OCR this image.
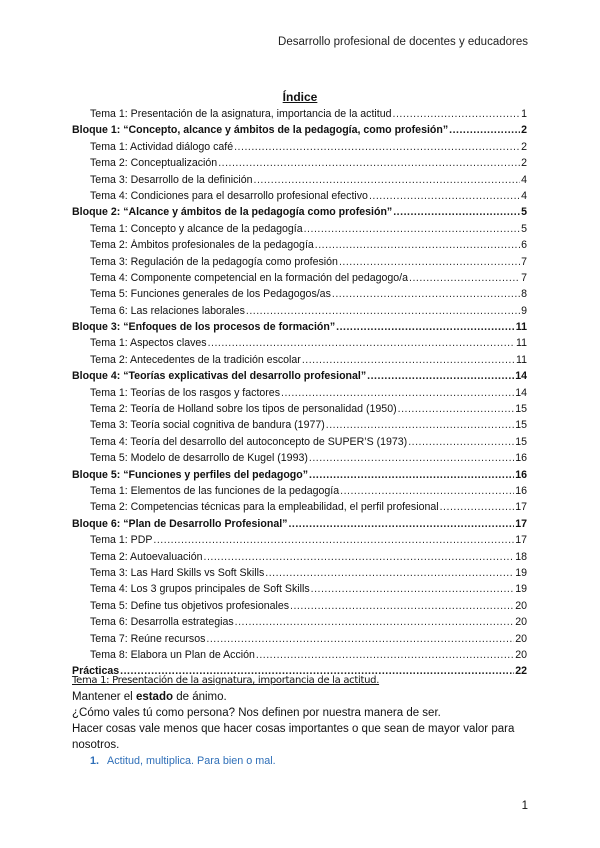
Desarrollo profesional de docentes y educadores
Índice
Tema 1: Presentación de la asignatura, importancia de la actitud .....	1
Bloque 1: “Concepto, alcance y ámbitos de la pedagogía, como profesión” .....	2
Tema 1: Actividad diálogo café .....	2
Tema 2: Conceptualización .....	2
Tema 3: Desarrollo de la definición .....	4
Tema 4: Condiciones para el desarrollo profesional efectivo .....	4
Bloque 2: “Alcance y ámbitos de la pedagogía como profesión” .....	5
Tema 1: Concepto y alcance de la pedagogía .....	5
Tema 2: Ámbitos profesionales de la pedagogía .....	6
Tema 3: Regulación de la pedagogía como profesión .....	7
Tema 4: Componente competencial en la formación del pedagogo/a .....	7
Tema 5: Funciones generales de los Pedagogos/as .....	8
Tema 6: Las relaciones laborales .....	9
Bloque 3: “Enfoques de los procesos de formación” .....	11
Tema 1: Aspectos claves .....	11
Tema 2: Antecedentes de la tradición escolar .....	11
Bloque 4: “Teorías explicativas del desarrollo profesional” .....	14
Tema 1: Teorías de los rasgos y factores .....	14
Tema 2: Teoría de Holland sobre los tipos de personalidad (1950) .....	15
Tema 3: Teoría social cognitiva de bandura (1977) .....	15
Tema 4: Teoría del desarrollo del autoconcepto de SUPER’S (1973) .....	15
Tema 5: Modelo de desarrollo de Kugel (1993) .....	16
Bloque 5: “Funciones y perfiles del pedagogo” .....	16
Tema 1: Elementos de las funciones de la pedagogía .....	16
Tema 2: Competencias técnicas para la empleabilidad, el perfil profesional .....	17
Bloque 6: “Plan de Desarrollo Profesional” .....	17
Tema 1: PDP .....	17
Tema 2: Autoevaluación .....	18
Tema 3: Las Hard Skills vs Soft Skills .....	19
Tema 4: Los 3 grupos principales de Soft Skills .....	19
Tema 5: Define tus objetivos profesionales .....	20
Tema 6: Desarrolla estrategias .....	20
Tema 7: Reúne recursos .....	20
Tema 8: Elabora un Plan de Acción .....	20
Prácticas .....	22
Tema 1: Presentación de la asignatura, importancia de la actitud.
Mantener el estado de ánimo.
¿Cómo vales tú como persona? Nos definen por nuestra manera de ser.
Hacer cosas vale menos que hacer cosas importantes o que sean de mayor valor para nosotros.
1. Actitud, multiplica. Para bien o mal.
1
